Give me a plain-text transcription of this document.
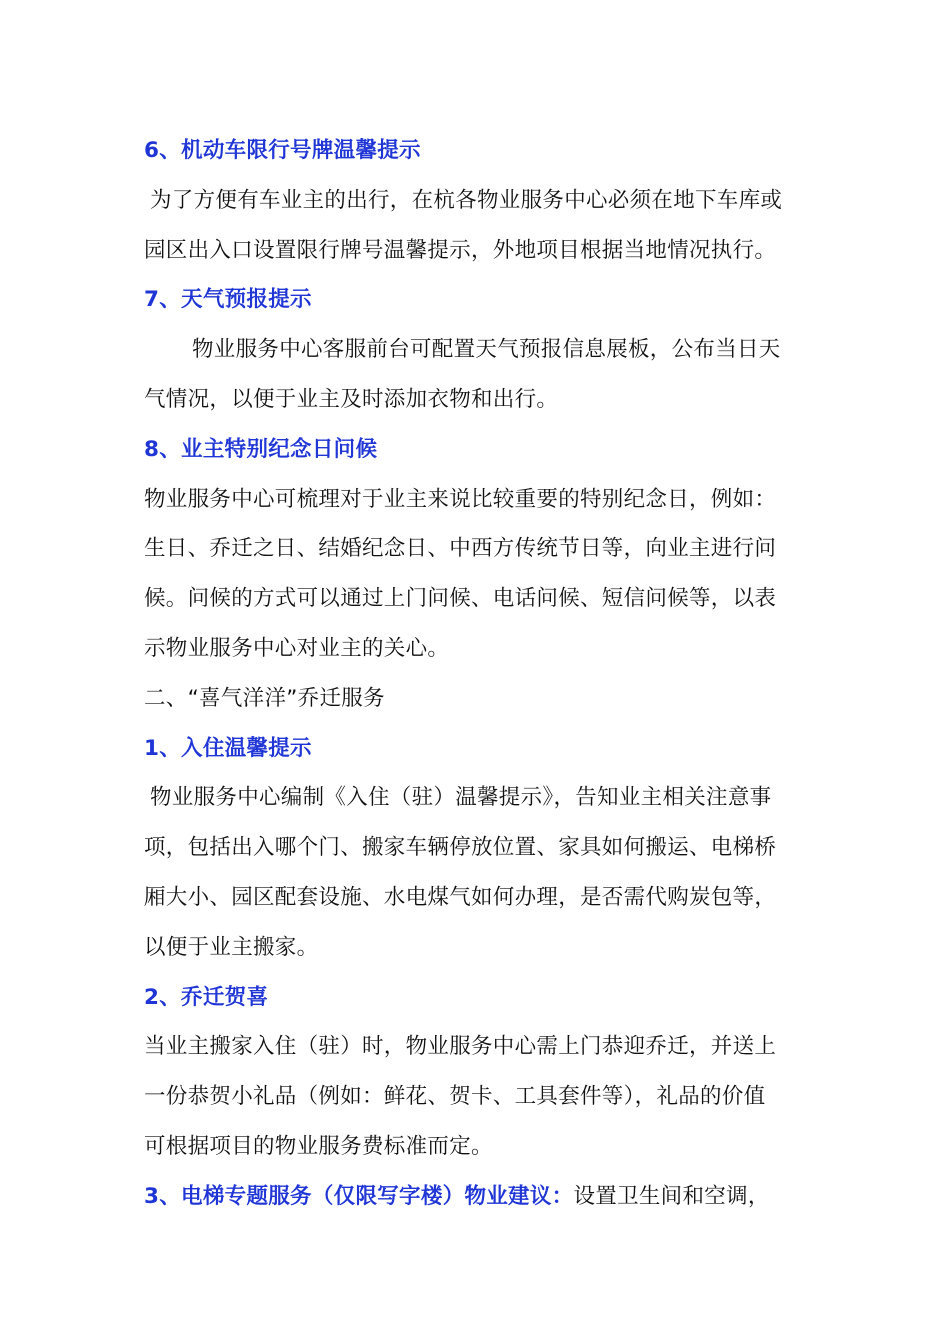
6、机动车限行号牌温馨提示
为了方便有车业主的出行，在杭各物业服务中心必须在地下车库或
园区出入口设置限行牌号温馨提示，外地项目根据当地情况执行。
7、天气预报提示
物业服务中心客服前台可配置天气预报信息展板，公布当日天
气情况，以便于业主及时添加衣物和出行。
8、业主特别纪念日问候
物业服务中心可梳理对于业主来说比较重要的特别纪念日，例如：
生日、乔迁之日、结婚纪念日、中西方传统节日等，向业主进行问
候。问候的方式可以通过上门问候、电话问候、短信问候等，以表
示物业服务中心对业主的关心。
二、“喜气洋洋”乔迁服务
1、入住温馨提示
物业服务中心编制《入住（驻）温馨提示》，告知业主相关注意事
项，包括出入哪个门、搬家车辆停放位置、家具如何搬运、电梯桥
厢大小、园区配套设施、水电煤气如何办理，是否需代购炭包等，
以便于业主搬家。
2、乔迁贺喜
当业主搬家入住（驻）时，物业服务中心需上门恭迎乔迁，并送上
一份恭贺小礼品（例如：鲜花、贺卡、工具套件等），礼品的价值
可根据项目的物业服务费标准而定。
3、电梯专题服务（仅限写字楼）物业建议：设置卫生间和空调，
